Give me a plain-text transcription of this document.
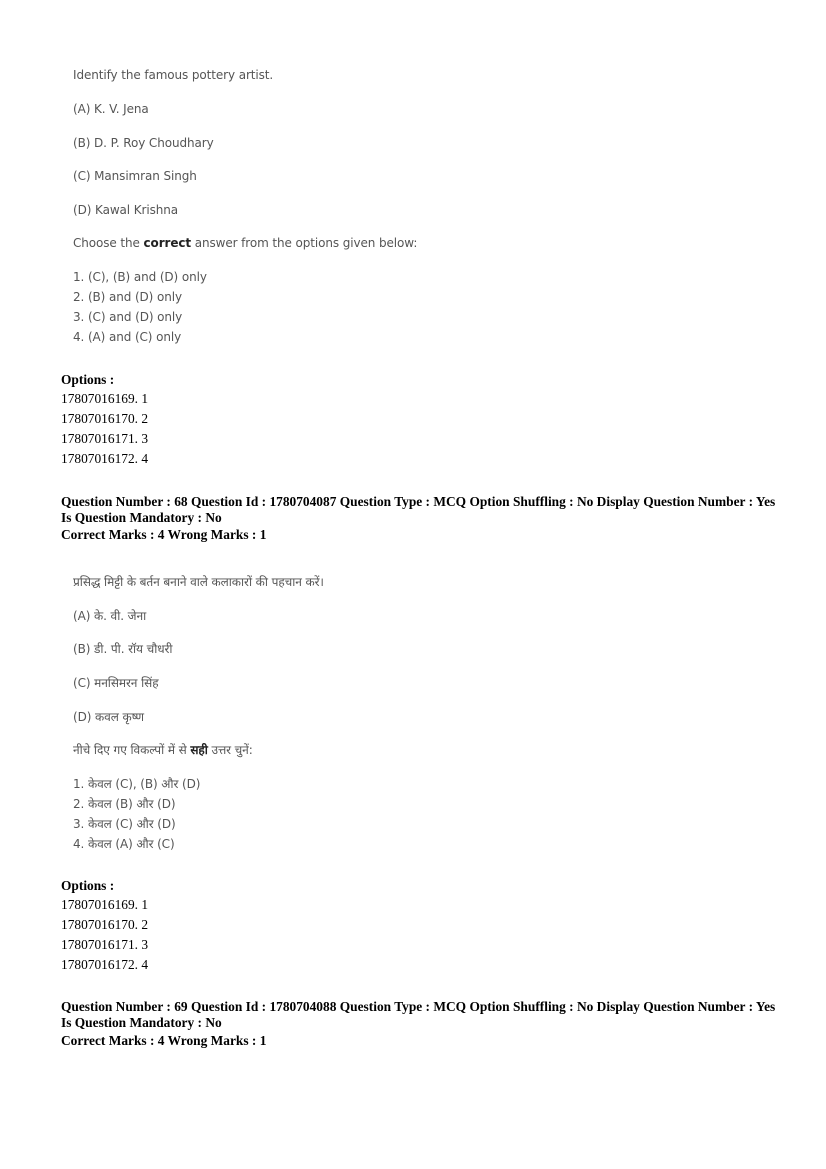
Identify the famous pottery artist.
(A) K. V. Jena
(B) D. P. Roy Choudhary
(C) Mansimran Singh
(D) Kawal Krishna
Choose the correct answer from the options given below:
1. (C), (B) and (D) only
2. (B) and (D) only
3. (C) and (D) only
4. (A) and (C) only
Options :
17807016169. 1
17807016170. 2
17807016171. 3
17807016172. 4
Question Number : 68 Question Id : 1780704087 Question Type : MCQ Option Shuffling : No Display Question Number : Yes
Is Question Mandatory : No
Correct Marks : 4 Wrong Marks : 1
प्रसिद्ध मिट्टी के बर्तन बनाने वाले कलाकारों की पहचान करें।
(A) के. वी. जेना
(B) डी. पी. रॉय चौधरी
(C) मनसिमरन सिंह
(D) कवल कृष्ण
नीचे दिए गए विकल्पों में से सही उत्तर चुनें:
1. केवल (C), (B) और (D)
2. केवल (B) और (D)
3. केवल (C) और (D)
4. केवल (A) और (C)
Options :
17807016169. 1
17807016170. 2
17807016171. 3
17807016172. 4
Question Number : 69 Question Id : 1780704088 Question Type : MCQ Option Shuffling : No Display Question Number : Yes
Is Question Mandatory : No
Correct Marks : 4 Wrong Marks : 1
